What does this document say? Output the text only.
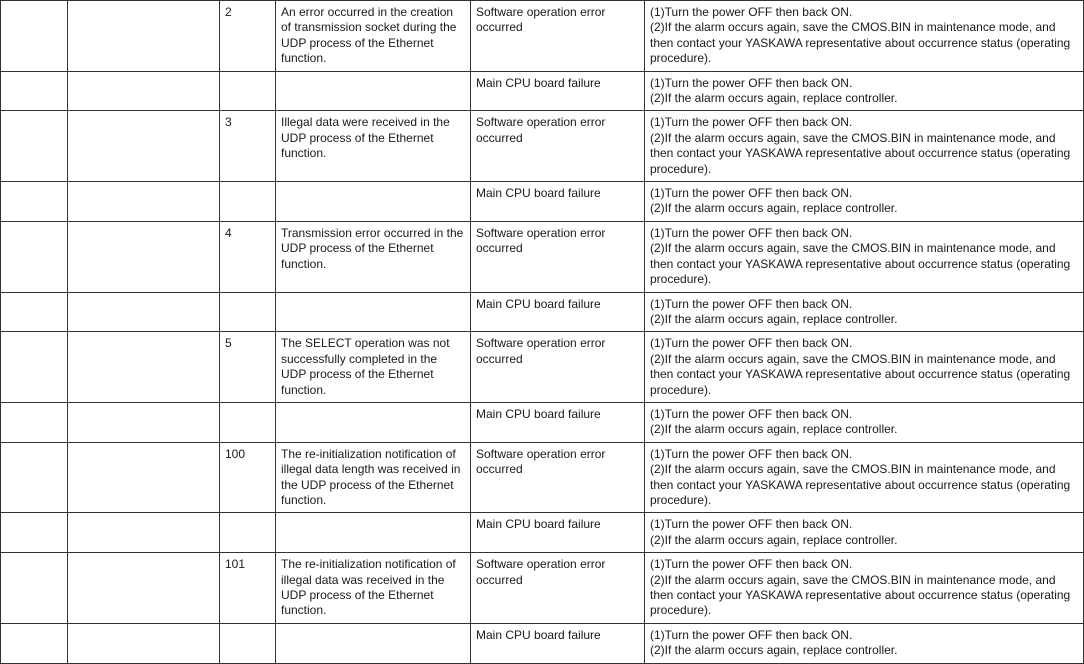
		2	An error occurred in the creation of transmission socket during the UDP process of the Ethernet function.	Software operation error occurred	(1)Turn the power OFF then back ON.
(2)If the alarm occurs again, save the CMOS.BIN in maintenance mode, and then contact your YASKAWA representative about occurrence status (operating procedure).

				Main CPU board failure	(1)Turn the power OFF then back ON.
(2)If the alarm occurs again, replace controller.

		3	Illegal data were received in the UDP process of the Ethernet function.	Software operation error occurred	(1)Turn the power OFF then back ON.
(2)If the alarm occurs again, save the CMOS.BIN in maintenance mode, and then contact your YASKAWA representative about occurrence status (operating procedure).

				Main CPU board failure	(1)Turn the power OFF then back ON.
(2)If the alarm occurs again, replace controller.

		4	Transmission error occurred in the UDP process of the Ethernet function.	Software operation error occurred	(1)Turn the power OFF then back ON.
(2)If the alarm occurs again, save the CMOS.BIN in maintenance mode, and then contact your YASKAWA representative about occurrence status (operating procedure).

				Main CPU board failure	(1)Turn the power OFF then back ON.
(2)If the alarm occurs again, replace controller.

		5	The SELECT operation was not successfully completed in the UDP process of the Ethernet function.	Software operation error occurred	(1)Turn the power OFF then back ON.
(2)If the alarm occurs again, save the CMOS.BIN in maintenance mode, and then contact your YASKAWA representative about occurrence status (operating procedure).

				Main CPU board failure	(1)Turn the power OFF then back ON.
(2)If the alarm occurs again, replace controller.

		100	The re-initialization notification of illegal data length was received in the UDP process of the Ethernet function.	Software operation error occurred	(1)Turn the power OFF then back ON.
(2)If the alarm occurs again, save the CMOS.BIN in maintenance mode, and then contact your YASKAWA representative about occurrence status (operating procedure).

				Main CPU board failure	(1)Turn the power OFF then back ON.
(2)If the alarm occurs again, replace controller.

		101	The re-initialization notification of illegal data was received in the UDP process of the Ethernet function.	Software operation error occurred	(1)Turn the power OFF then back ON.
(2)If the alarm occurs again, save the CMOS.BIN in maintenance mode, and then contact your YASKAWA representative about occurrence status (operating procedure).

				Main CPU board failure	(1)Turn the power OFF then back ON.
(2)If the alarm occurs again, replace controller.
